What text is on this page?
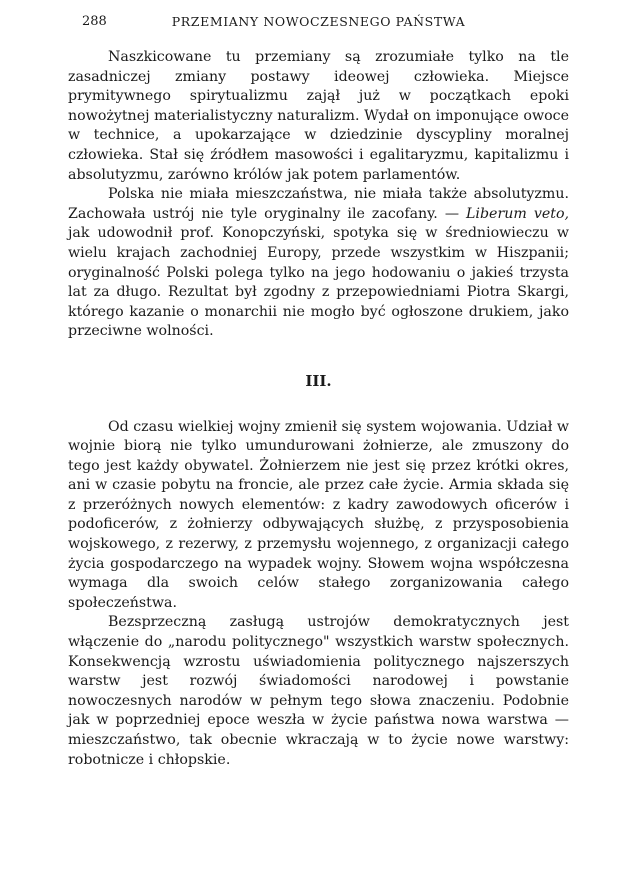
288	PRZEMIANY NOWOCZESNEGO PAŃSTWA

Naszkicowane tu przemiany są zrozumiałe tylko na tle zasadniczej zmiany postawy ideowej człowieka. Miejsce prymitywnego spirytualizmu zajął już w początkach epoki nowożytnej materialistyczny naturalizm. Wydał on imponujące owoce w technice, a upokarzające w dziedzinie dyscypliny moralnej człowieka. Stał się źródłem masowości i egalitaryzmu, kapitalizmu i absolutyzmu, zarówno królów jak potem parlamentów.

Polska nie miała mieszczaństwa, nie miała także absolutyzmu. Zachowała ustrój nie tyle oryginalny ile zacofany. — Liberum veto, jak udowodnił prof. Konopczyński, spotyka się w średniowieczu w wielu krajach zachodniej Europy, przede wszystkim w Hiszpanii; oryginalność Polski polega tylko na jego hodowaniu o jakieś trzysta lat za długo. Rezultat był zgodny z przepowiedniami Piotra Skargi, którego kazanie o monarchii nie mogło być ogłoszone drukiem, jako przeciwne wolności.

III.

Od czasu wielkiej wojny zmienił się system wojowania. Udział w wojnie biorą nie tylko umundurowani żołnierze, ale zmuszony do tego jest każdy obywatel. Żołnierzem nie jest się przez krótki okres, ani w czasie pobytu na froncie, ale przez całe życie. Armia składa się z przeróżnych nowych elementów: z kadry zawodowych oficerów i podoficerów, z żołnierzy odbywających służbę, z przysposobienia wojskowego, z rezerwy, z przemysłu wojennego, z organizacji całego życia gospodarczego na wypadek wojny. Słowem wojna współczesna wymaga dla swoich celów stałego zorganizowania całego społeczeństwa.

Bezsprzeczną zasługą ustrojów demokratycznych jest włączenie do „narodu politycznego" wszystkich warstw społecznych. Konsekwencją wzrostu uświadomienia politycznego najszerszych warstw jest rozwój świadomości narodowej i powstanie nowoczesnych narodów w pełnym tego słowa znaczeniu. Podobnie jak w poprzedniej epoce weszła w życie państwa nowa warstwa — mieszczaństwo, tak obecnie wkraczają w to życie nowe warstwy: robotnicze i chłopskie.
